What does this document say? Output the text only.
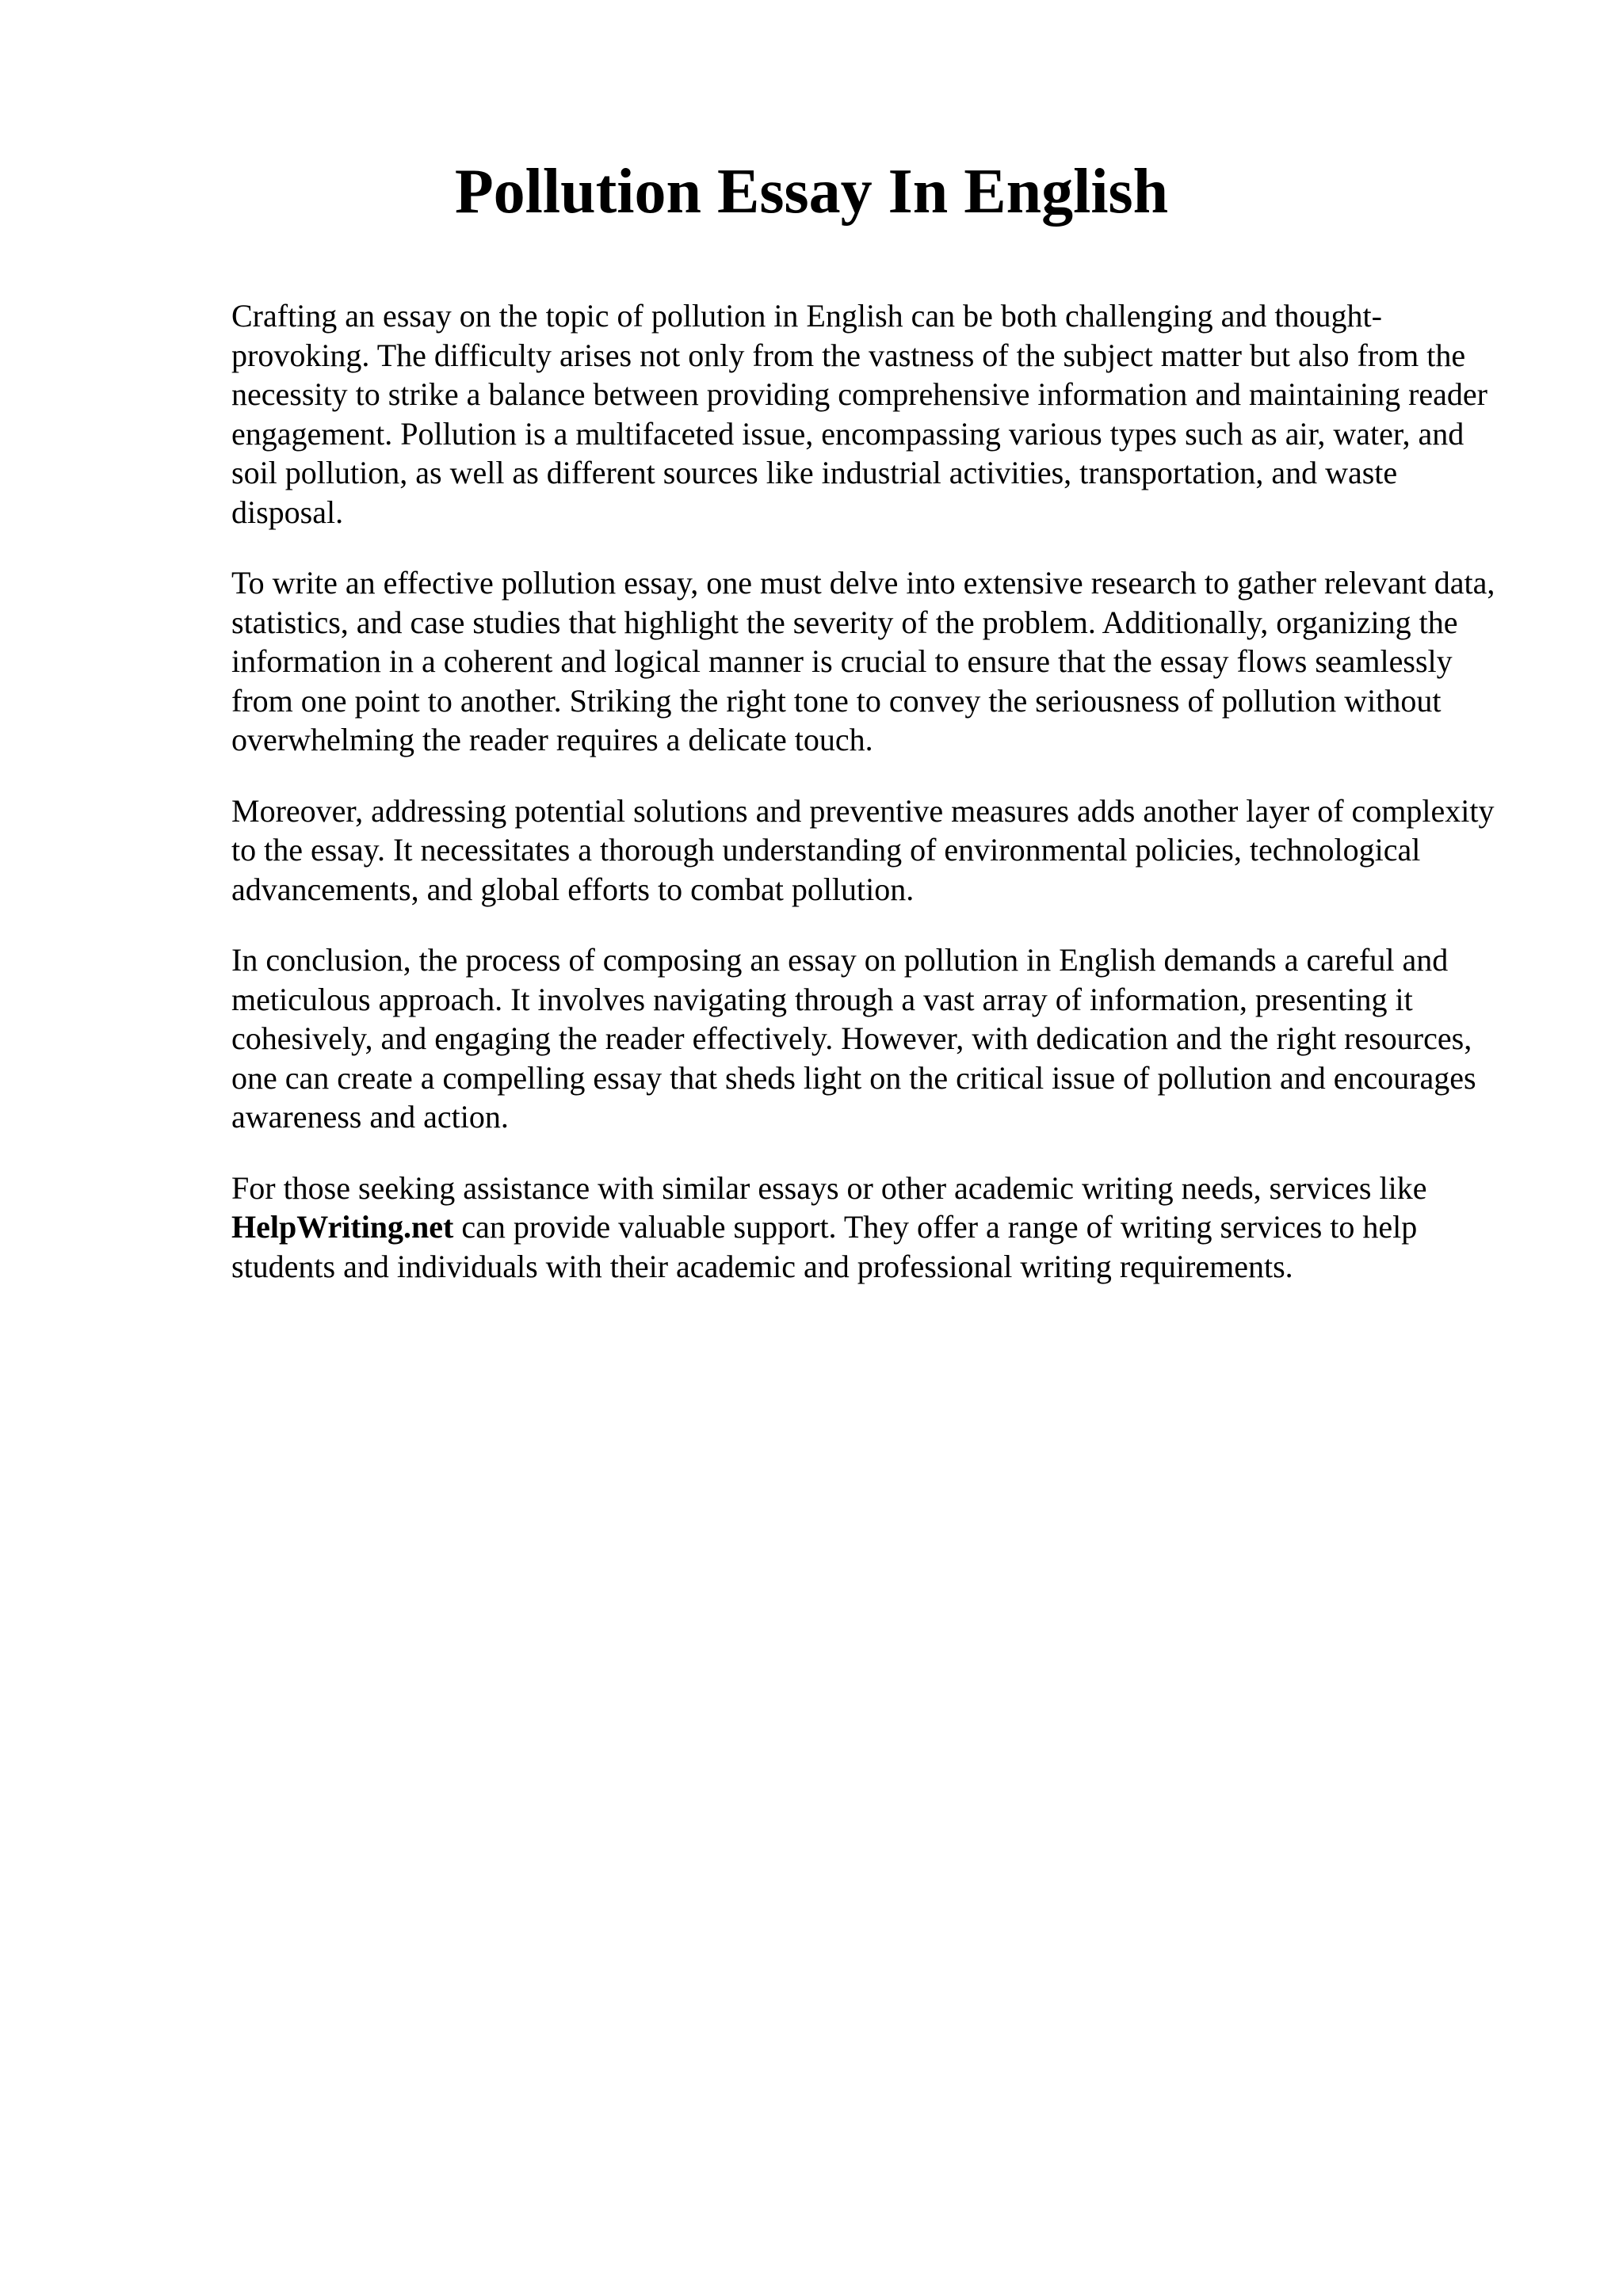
Pollution Essay In English

Crafting an essay on the topic of pollution in English can be both challenging and thought-provoking. The difficulty arises not only from the vastness of the subject matter but also from the necessity to strike a balance between providing comprehensive information and maintaining reader engagement. Pollution is a multifaceted issue, encompassing various types such as air, water, and soil pollution, as well as different sources like industrial activities, transportation, and waste disposal.

To write an effective pollution essay, one must delve into extensive research to gather relevant data, statistics, and case studies that highlight the severity of the problem. Additionally, organizing the information in a coherent and logical manner is crucial to ensure that the essay flows seamlessly from one point to another. Striking the right tone to convey the seriousness of pollution without overwhelming the reader requires a delicate touch.

Moreover, addressing potential solutions and preventive measures adds another layer of complexity to the essay. It necessitates a thorough understanding of environmental policies, technological advancements, and global efforts to combat pollution.

In conclusion, the process of composing an essay on pollution in English demands a careful and meticulous approach. It involves navigating through a vast array of information, presenting it cohesively, and engaging the reader effectively. However, with dedication and the right resources, one can create a compelling essay that sheds light on the critical issue of pollution and encourages awareness and action.

For those seeking assistance with similar essays or other academic writing needs, services like HelpWriting.net can provide valuable support. They offer a range of writing services to help students and individuals with their academic and professional writing requirements.
